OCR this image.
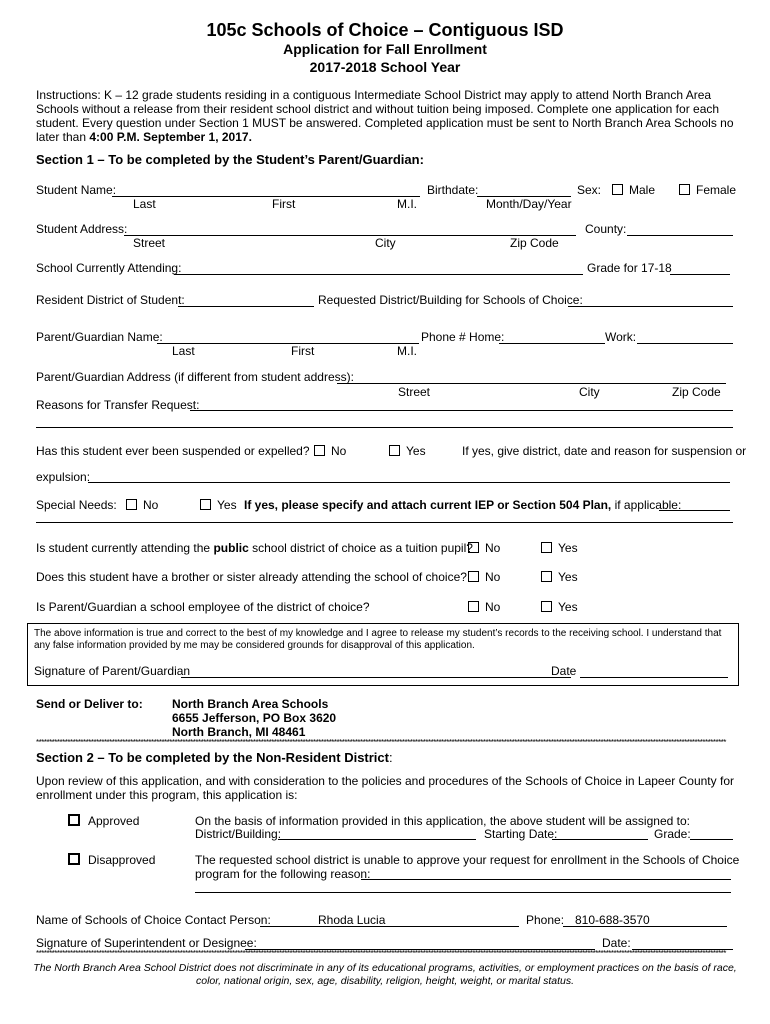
105c Schools of Choice – Contiguous ISD
Application for Fall Enrollment
2017-2018 School Year
Instructions: K – 12 grade students residing in a contiguous Intermediate School District may apply to attend North Branch Area Schools without a release from their resident school district and without tuition being imposed. Complete one application for each student. Every question under Section 1 MUST be answered. Completed application must be sent to North Branch Area Schools no later than 4:00 P.M. September 1, 2017.
Section 1 – To be completed by the Student’s Parent/Guardian:
Student Name:
Last	First	M.I.
Birthdate:
Month/Day/Year
Sex:	Male	Female
Student Address:
Street	City	Zip Code
County:
School Currently Attending:	Grade for 17-18
Resident District of Student:	Requested District/Building for Schools of Choice:
Parent/Guardian Name:
Last	First	M.I.
Phone # Home:	Work:
Parent/Guardian Address (if different from student address):
Street	City	Zip Code
Reasons for Transfer Request:
Has this student ever been suspended or expelled?	No	Yes	If yes, give district, date and reason for suspension or
expulsion:
Special Needs:	No	Yes If yes, please specify and attach current IEP or Section 504 Plan, if applicable:
Is student currently attending the public school district of choice as a tuition pupil?	No	Yes
Does this student have a brother or sister already attending the school of choice?	No	Yes
Is Parent/Guardian a school employee of the district of choice?	No	Yes
The above information is true and correct to the best of my knowledge and I agree to release my student’s records to the receiving school. I understand that any false information provided by me may be considered grounds for disapproval of this application.
Signature of Parent/Guardian	Date
Send or Deliver to: North Branch Area Schools
6655 Jefferson, PO Box 3620
North Branch, MI 48461
************************************************************************************************************************************************************************************************************************************************************************
Section 2 – To be completed by the Non-Resident District:
Upon review of this application, and with consideration to the policies and procedures of the Schools of Choice in Lapeer County for enrollment under this program, this application is:
Approved	On the basis of information provided in this application, the above student will be assigned to:
District/Building:	Starting Date:	Grade:
Disapproved	The requested school district is unable to approve your request for enrollment in the Schools of Choice
program for the following reason:
Name of Schools of Choice Contact Person:	Rhoda Lucia	Phone: 810-688-3570
Signature of Superintendent or Designee:	Date:
************************************************************************************************************************************************************************************************************************************************************************
The North Branch Area School District does not discriminate in any of its educational programs, activities, or employment practices on the basis of race,
color, national origin, sex, age, disability, religion, height, weight, or marital status.
